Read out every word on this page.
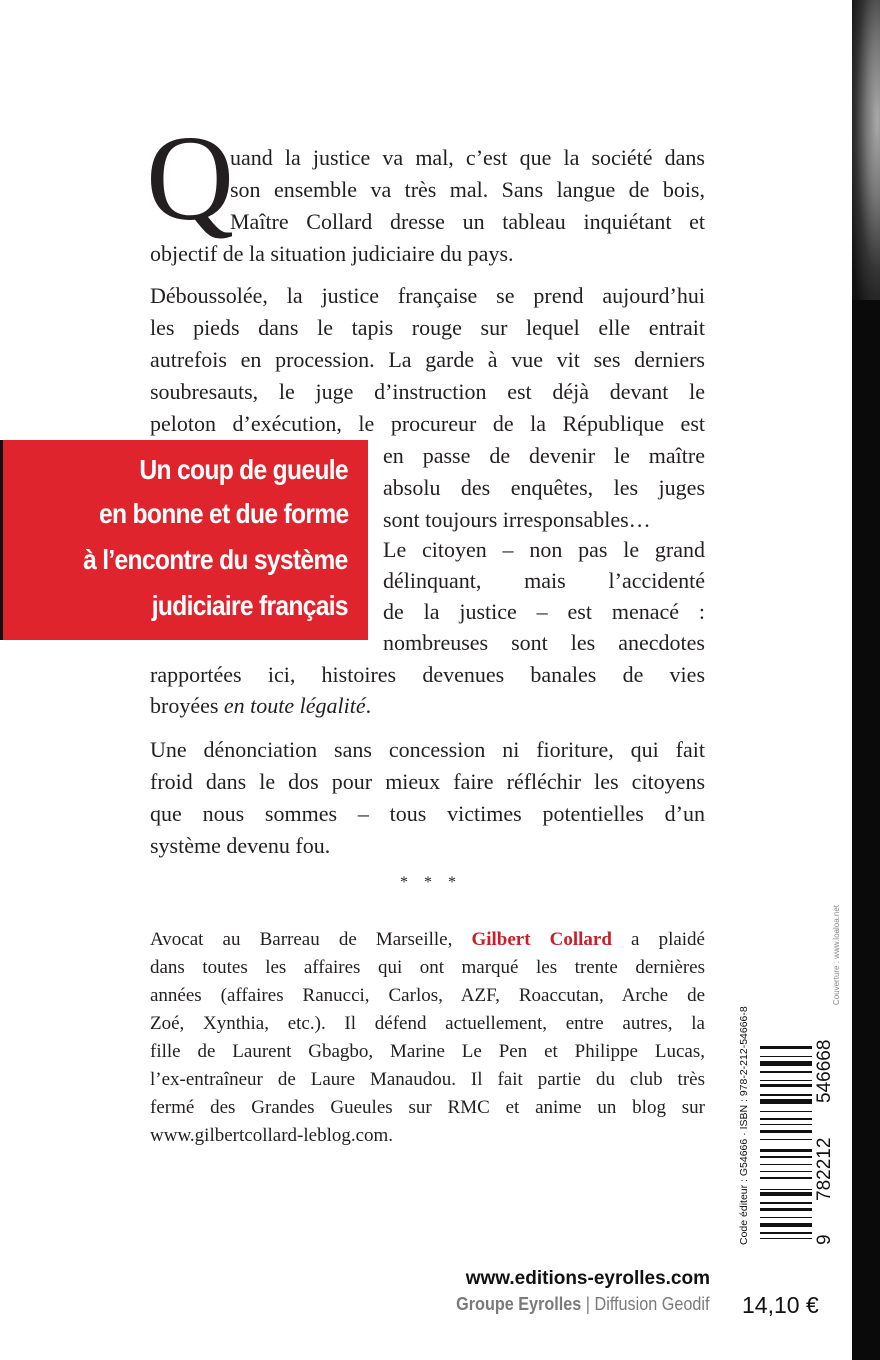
Q
uand la justice va mal, c’est que la société dans
son ensemble va très mal. Sans langue de bois,
Maître Collard dresse un tableau inquiétant et
objectif de la situation judiciaire du pays.
Déboussolée, la justice française se prend aujourd’hui
les pieds dans le tapis rouge sur lequel elle entrait
autrefois en procession. La garde à vue vit ses derniers
soubresauts, le juge d’instruction est déjà devant le
peloton d’exécution, le procureur de la République est
en passe de devenir le maître
absolu des enquêtes, les juges
sont toujours irresponsables…
Le citoyen – non pas le grand
délinquant, mais l’accidenté
de la justice – est menacé :
nombreuses sont les anecdotes
rapportées ici, histoires devenues banales de vies
broyées en toute légalité.
Une dénonciation sans concession ni fioriture, qui fait
froid dans le dos pour mieux faire réfléchir les citoyens
que nous sommes – tous victimes potentielles d’un
système devenu fou.
Avocat au Barreau de Marseille, Gilbert Collard a plaidé
dans toutes les affaires qui ont marqué les trente dernières
années (affaires Ranucci, Carlos, AZF, Roaccutan, Arche de
Zoé, Xynthia, etc.). Il défend actuellement, entre autres, la
fille de Laurent Gbagbo, Marine Le Pen et Philippe Lucas,
l’ex-entraîneur de Laure Manaudou. Il fait partie du club très
fermé des Grandes Gueules sur RMC et anime un blog sur
www.gilbertcollard-leblog.com.
* * *
Un coup de gueule
en bonne et due forme
à l’encontre du système
judiciaire français
www.editions-eyrolles.com
Groupe Eyrolles | Diffusion Geodif 14,10 €
Code éditeur : G54666 · ISBN : 978-2-212-54666-8	9
782212
546668
Couverture : www.loaloa.net
